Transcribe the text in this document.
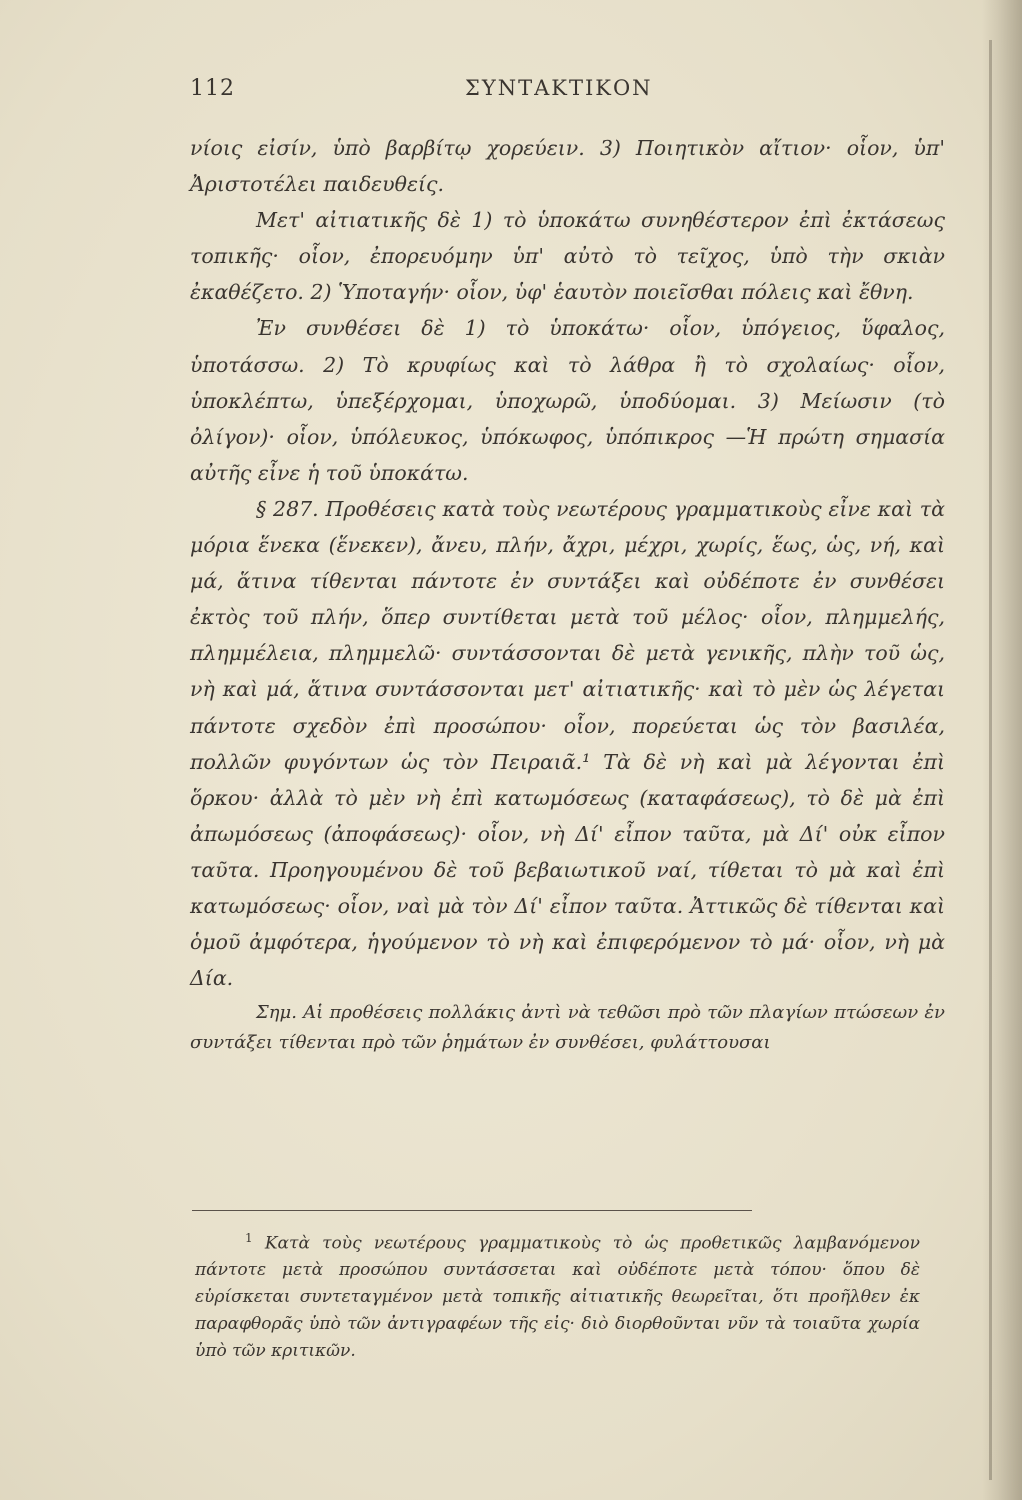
112	ΣΥΝΤΑΚΤΙΚΟΝ

νίοις εἰσίν, ὑπὸ βαρβίτῳ χορεύειν. 3) Ποιητικὸν αἴτιον· οἷον, ὑπ' Ἀριστοτέλει παιδευθείς.

Μετ' αἰτιατικῆς δὲ 1) τὸ ὑποκάτω συνηθέστερον ἐπὶ ἐκτάσεως τοπικῆς· οἷον, ἐπορευόμην ὑπ' αὐτὸ τὸ τεῖχος, ὑπὸ τὴν σκιὰν ἐκαθέζετο. 2) Ὑποταγήν· οἷον, ὑφ' ἑαυτὸν ποιεῖσθαι πόλεις καὶ ἔθνη.

Ἐν συνθέσει δὲ 1) τὸ ὑποκάτω· οἷον, ὑπόγειος, ὕφαλος, ὑποτάσσω. 2) Τὸ κρυφίως καὶ τὸ λάθρα ἢ τὸ σχολαίως· οἷον, ὑποκλέπτω, ὑπεξέρχομαι, ὑποχωρῶ, ὑποδύομαι. 3) Μείωσιν (τὸ ὀλίγον)· οἷον, ὑπόλευκος, ὑπόκωφος, ὑπόπικρος —Ἡ πρώτη σημασία αὐτῆς εἶνε ἡ τοῦ ὑποκάτω.

§ 287. Προθέσεις κατὰ τοὺς νεωτέρους γραμματικοὺς εἶνε καὶ τὰ μόρια ἕνεκα (ἕνεκεν), ἄνευ, πλήν, ἄχρι, μέχρι, χωρίς, ἕως, ὡς, νή, καὶ μά, ἅτινα τίθενται πάντοτε ἐν συντάξει καὶ οὐδέποτε ἐν συνθέσει ἐκτὸς τοῦ πλήν, ὅπερ συντίθεται μετὰ τοῦ μέλος· οἷον, πλημμελής, πλημμέλεια, πλημμελῶ· συντάσσονται δὲ μετὰ γενικῆς, πλὴν τοῦ ὡς, νὴ καὶ μά, ἅτινα συντάσσονται μετ' αἰτιατικῆς· καὶ τὸ μὲν ὡς λέγεται πάντοτε σχεδὸν ἐπὶ προσώπου· οἷον, πορεύεται ὡς τὸν βασιλέα, πολλῶν φυγόντων ὡς τὸν Πειραιᾶ.¹ Τὰ δὲ νὴ καὶ μὰ λέγονται ἐπὶ ὅρκου· ἀλλὰ τὸ μὲν νὴ ἐπὶ κατωμόσεως (καταφάσεως), τὸ δὲ μὰ ἐπὶ ἀπωμόσεως (ἀποφάσεως)· οἷον, νὴ Δί' εἶπον ταῦτα, μὰ Δί' οὐκ εἶπον ταῦτα. Προηγουμένου δὲ τοῦ βεβαιωτικοῦ ναί, τίθεται τὸ μὰ καὶ ἐπὶ κατωμόσεως· οἷον, ναὶ μὰ τὸν Δί' εἶπον ταῦτα. Ἀττικῶς δὲ τίθενται καὶ ὁμοῦ ἀμφότερα, ἡγούμενον τὸ νὴ καὶ ἐπιφερόμενον τὸ μά· οἷον, νὴ μὰ Δία.

Σημ. Αἱ προθέσεις πολλάκις ἀντὶ νὰ τεθῶσι πρὸ τῶν πλαγίων πτώσεων ἐν συντάξει τίθενται πρὸ τῶν ῥημάτων ἐν συνθέσει, φυλάττουσαι

$^1$ Κατὰ τοὺς νεωτέρους γραμματικοὺς τὸ ὡς προθετικῶς λαμβανόμενον πάντοτε μετὰ προσώπου συντάσσεται καὶ οὐδέποτε μετὰ τόπου· ὅπου δὲ εὑρίσκεται συντεταγμένον μετὰ τοπικῆς αἰτιατικῆς θεωρεῖται, ὅτι προῆλθεν ἐκ παραφθορᾶς ὑπὸ τῶν ἀντιγραφέων τῆς εἰς· διὸ διορθοῦνται νῦν τὰ τοιαῦτα χωρία ὑπὸ τῶν κριτικῶν.
